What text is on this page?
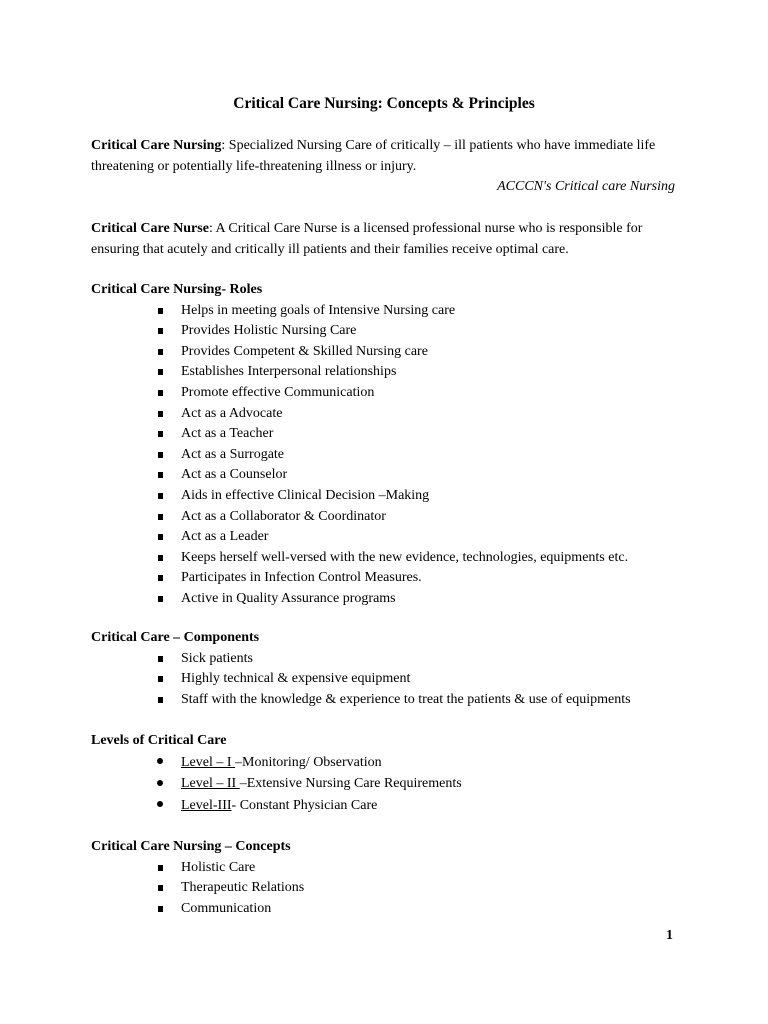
Critical Care Nursing: Concepts & Principles

Critical Care Nursing: Specialized Nursing Care of critically – ill patients who have immediate life threatening or potentially life-threatening illness or injury.

ACCCN's Critical care Nursing

Critical Care Nurse: A Critical Care Nurse is a licensed professional nurse who is responsible for ensuring that acutely and critically ill patients and their families receive optimal care.

Critical Care Nursing- Roles

Helps in meeting goals of Intensive Nursing care
Provides Holistic Nursing Care
Provides Competent & Skilled Nursing care
Establishes Interpersonal relationships
Promote effective Communication
Act as a Advocate
Act as a Teacher
Act as a Surrogate
Act as a Counselor
Aids in effective Clinical Decision –Making
Act as a Collaborator & Coordinator
Act as a Leader
Keeps herself well-versed with the new evidence, technologies, equipments etc.
Participates in Infection Control Measures.
Active in Quality Assurance programs

Critical Care – Components

Sick patients
Highly technical & expensive equipment
Staff with the knowledge & experience to treat the patients & use of equipments

Levels of Critical Care

Level – I –Monitoring/ Observation
Level – II –Extensive Nursing Care Requirements
Level-III- Constant Physician Care

Critical Care Nursing – Concepts

Holistic Care
Therapeutic Relations
Communication
1
